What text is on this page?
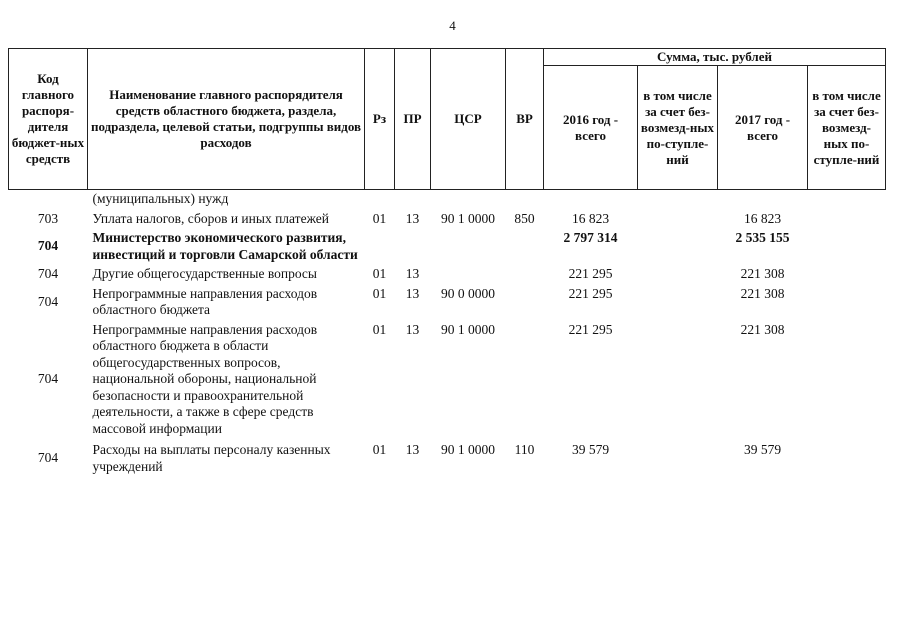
4
Код главного распоря-дителя бюджет-ных средств	Наименование главного распорядителя средств областного бюджета, раздела, подраздела, целевой статьи, подгруппы видов расходов	Рз	ПР	ЦСР	ВР	Сумма, тыс. рублей			
						2016 год - всего	в том числе за счет без-возмезд-ных по-ступле-ний	2017 год - всего	в том числе за счет без-возмезд-ных по-ступле-ний
	(муниципальных) нужд								
703	Уплата налогов, сборов и иных платежей	01	13	90 1 0000	850	16 823		16 823	
704	Министерство экономического развития, инвестиций и торговли Самарской области					2 797 314		2 535 155	
704	Другие общегосударственные вопросы	01	13			221 295		221 308	
704	Непрограммные направления расходов областного бюджета	01	13	90 0 0000		221 295		221 308	
704	Непрограммные направления расходов областного бюджета в области общегосударственных вопросов, национальной обороны, национальной безопасности и правоохранительной деятельности, а также в сфере средств массовой информации	01	13	90 1 0000		221 295		221 308	
704	Расходы на выплаты персоналу казенных учреждений	01	13	90 1 0000	110	39 579		39 579	
